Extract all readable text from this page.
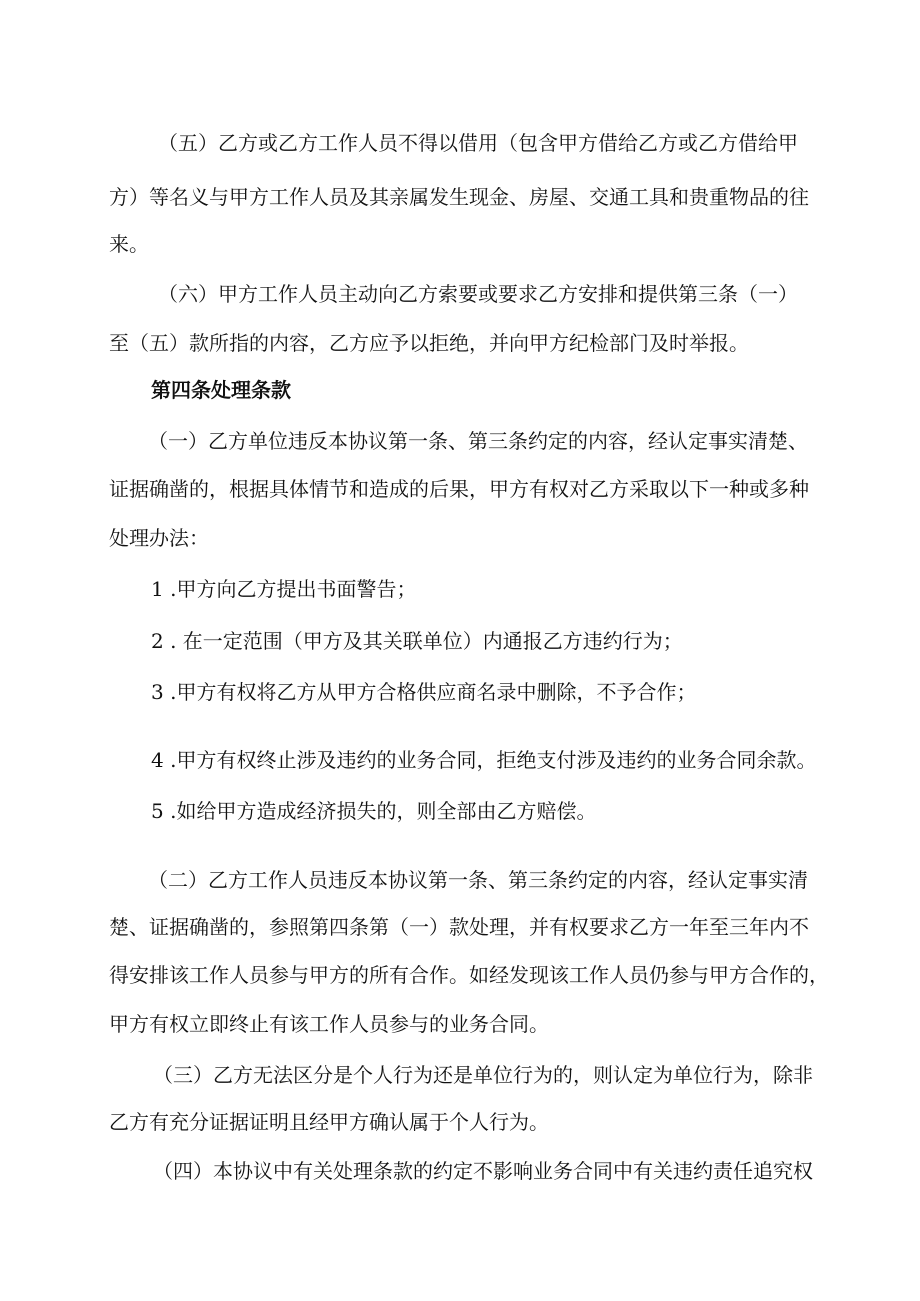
（五）乙方或乙方工作人员不得以借用（包含甲方借给乙方或乙方借给甲

方）等名义与甲方工作人员及其亲属发生现金、房屋、交通工具和贵重物品的往

来。

（六）甲方工作人员主动向乙方索要或要求乙方安排和提供第三条（一）

至（五）款所指的内容，乙方应予以拒绝，并向甲方纪检部门及时举报。

第四条处理条款

（一）乙方单位违反本协议第一条、第三条约定的内容，经认定事实清楚、

证据确凿的，根据具体情节和造成的后果，甲方有权对乙方采取以下一种或多种

处理办法：

1 .甲方向乙方提出书面警告；

2 . 在一定范围（甲方及其关联单位）内通报乙方违约行为；

3 .甲方有权将乙方从甲方合格供应商名录中删除，不予合作；

4 .甲方有权终止涉及违约的业务合同，拒绝支付涉及违约的业务合同余款。

5 .如给甲方造成经济损失的，则全部由乙方赔偿。

（二）乙方工作人员违反本协议第一条、第三条约定的内容，经认定事实清

楚、证据确凿的，参照第四条第（一）款处理，并有权要求乙方一年至三年内不

得安排该工作人员参与甲方的所有合作。如经发现该工作人员仍参与甲方合作的，

甲方有权立即终止有该工作人员参与的业务合同。

（三）乙方无法区分是个人行为还是单位行为的，则认定为单位行为，除非

乙方有充分证据证明且经甲方确认属于个人行为。

（四）本协议中有关处理条款的约定不影响业务合同中有关违约责任追究权
